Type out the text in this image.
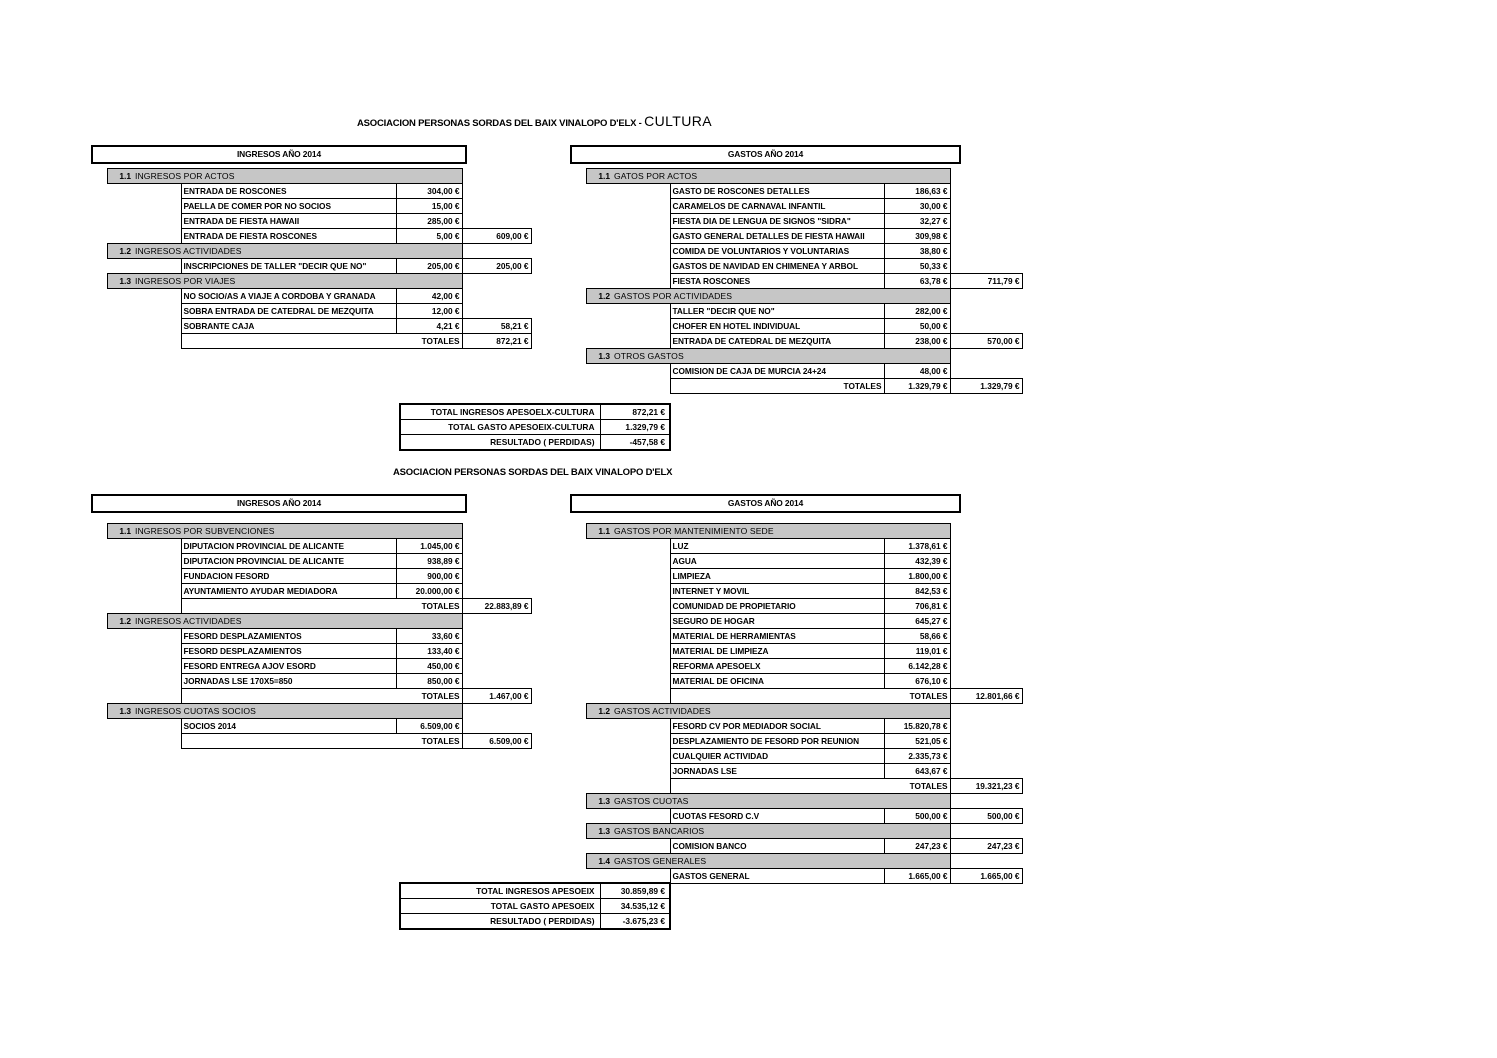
ASOCIACION PERSONAS SORDAS DEL BAIX VINALOPO D'ELX - CULTURA
INGRESOS AÑO 2014
	1.1	INGRESOS POR ACTOS			
			ENTRADA DE ROSCONES	304,00 €	
			PAELLA DE COMER POR NO SOCIOS	15,00 €	
			ENTRADA DE FIESTA HAWAII	285,00 €	
			ENTRADA DE FIESTA ROSCONES	5,00 €	609,00 €
	1.2	INGRESOS ACTIVIDADES			
			INSCRIPCIONES DE TALLER "DECIR QUE NO"	205,00 €	205,00 €
	1.3	INGRESOS POR VIAJES			
			NO SOCIO/AS A VIAJE A CORDOBA Y GRANADA	42,00 €	
			SOBRA ENTRADA DE CATEDRAL DE MEZQUITA	12,00 €	
			SOBRANTE CAJA	4,21 €	58,21 €
			TOTALES		872,21 €
GASTOS AÑO 2014
	1.1	GATOS POR ACTOS			
			GASTO DE ROSCONES DETALLES	186,63 €	
			CARAMELOS DE CARNAVAL INFANTIL	30,00 €	
			FIESTA DIA DE LENGUA DE SIGNOS "SIDRA"	32,27 €	
			GASTO GENERAL DETALLES DE FIESTA HAWAII	309,98 €	
			COMIDA DE VOLUNTARIOS Y VOLUNTARIAS	38,80 €	
			GASTOS DE NAVIDAD EN CHIMENEA Y ARBOL	50,33 €	
			FIESTA ROSCONES	63,78 €	711,79 €
	1.2	GASTOS POR ACTIVIDADES			
			TALLER "DECIR QUE NO"	282,00 €	
			CHOFER EN HOTEL INDIVIDUAL	50,00 €	
			ENTRADA DE CATEDRAL DE MEZQUITA	238,00 €	570,00 €
	1.3	OTROS GASTOS			
			COMISION DE CAJA DE MURCIA 24+24	48,00 €	
			TOTALES	1.329,79 €	1.329,79 €
TOTAL INGRESOS APESOELX-CULTURA	872,21 €
TOTAL GASTO APESOEIX-CULTURA	1.329,79 €
RESULTADO ( PERDIDAS)	-457,58 €
ASOCIACION PERSONAS SORDAS DEL BAIX VINALOPO D'ELX
INGRESOS AÑO 2014
	1.1	INGRESOS POR SUBVENCIONES			
			DIPUTACION PROVINCIAL DE ALICANTE	1.045,00 €	
			DIPUTACION PROVINCIAL DE ALICANTE	938,89 €	
			FUNDACION FESORD	900,00 €	
			AYUNTAMIENTO AYUDAR MEDIADORA	20.000,00 €	
			TOTALES		22.883,89 €
	1.2	INGRESOS ACTIVIDADES			
			FESORD DESPLAZAMIENTOS	33,60 €	
			FESORD DESPLAZAMIENTOS	133,40 €	
			FESORD ENTREGA AJOV ESORD	450,00 €	
			JORNADAS LSE 170X5=850	850,00 €	
			TOTALES		1.467,00 €
	1.3	INGRESOS CUOTAS SOCIOS			
			SOCIOS 2014	6.509,00 €	
			TOTALES		6.509,00 €
GASTOS AÑO 2014
	1.1	GASTOS POR MANTENIMIENTO SEDE			
			LUZ	1.378,61 €	
			AGUA	432,39 €	
			LIMPIEZA	1.800,00 €	
			INTERNET Y MOVIL	842,53 €	
			COMUNIDAD DE PROPIETARIO	706,81 €	
			SEGURO DE HOGAR	645,27 €	
			MATERIAL DE HERRAMIENTAS	58,66 €	
			MATERIAL DE LIMPIEZA	119,01 €	
			REFORMA APESOELX	6.142,28 €	
			MATERIAL DE OFICINA	676,10 €	
			TOTALES		12.801,66 €
	1.2	GASTOS ACTIVIDADES			
			FESORD CV POR MEDIADOR SOCIAL	15.820,78 €	
			DESPLAZAMIENTO DE FESORD POR REUNION	521,05 €	
			CUALQUIER ACTIVIDAD	2.335,73 €	
			JORNADAS LSE	643,67 €	
			TOTALES		19.321,23 €
	1.3	GASTOS CUOTAS			
			CUOTAS FESORD C.V	500,00 €	500,00 €
	1.3	GASTOS BANCARIOS			
			COMISION BANCO	247,23 €	247,23 €
	1.4	GASTOS GENERALES			
			GASTOS GENERAL	1.665,00 €	1.665,00 €
TOTAL INGRESOS APESOEIX	30.859,89 €
TOTAL GASTO APESOEIX	34.535,12 €
RESULTADO ( PERDIDAS)	-3.675,23 €
